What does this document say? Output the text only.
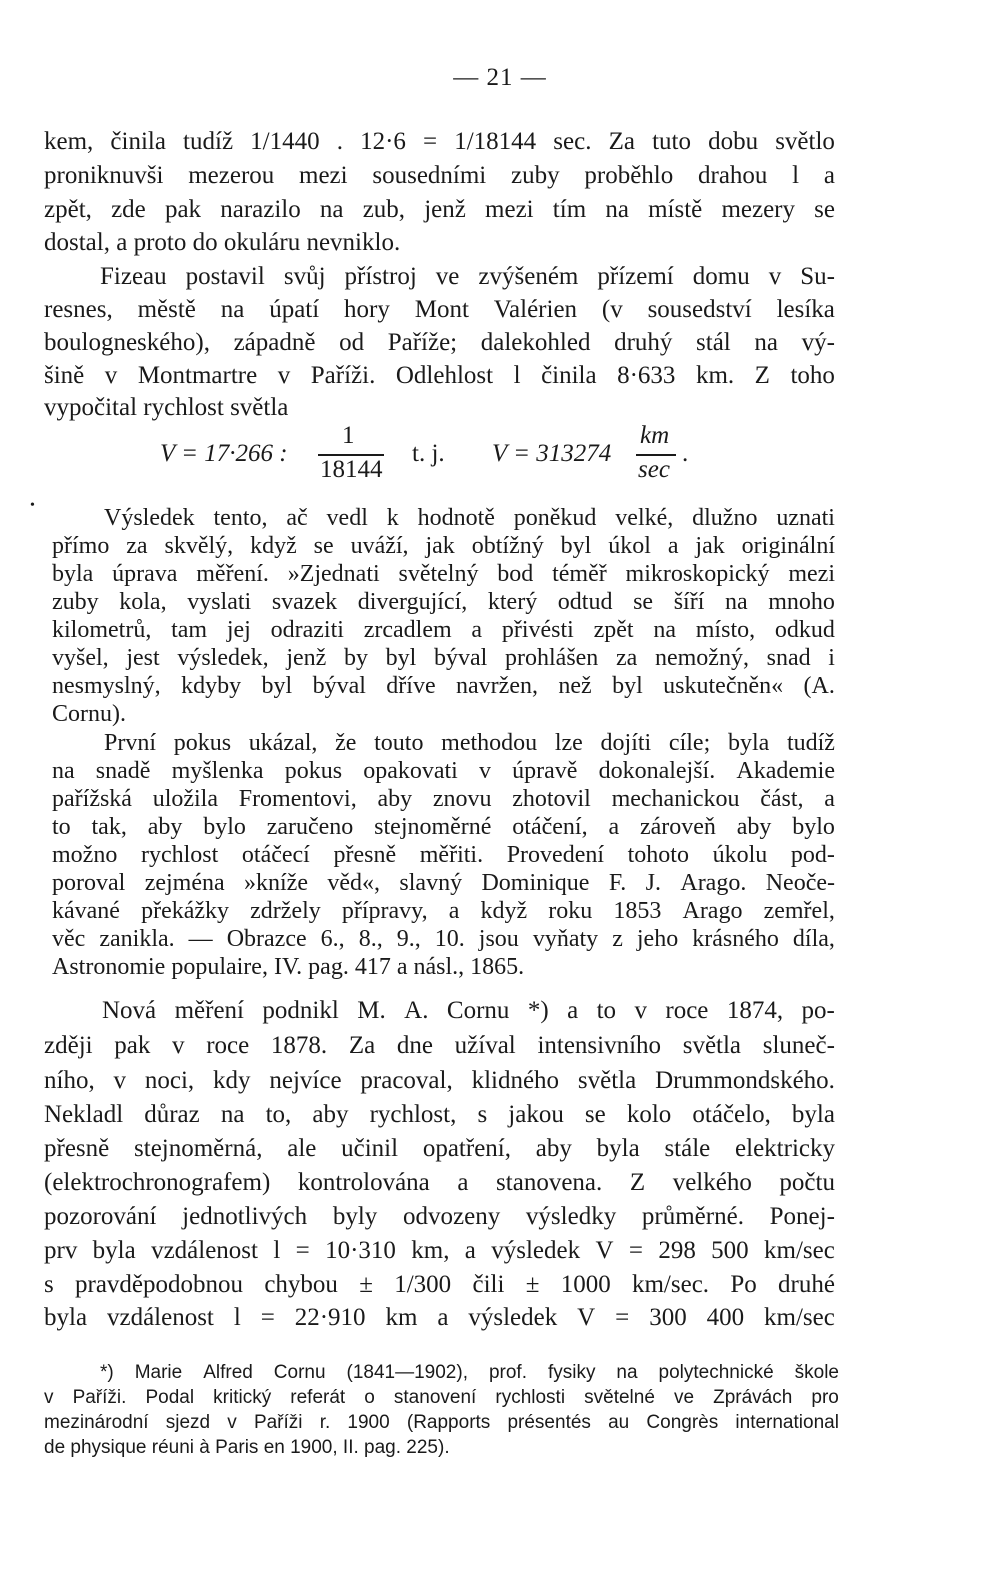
— 21 —
kem, činila tudíž 1/1440 . 12·6 = 1/18144 sec. Za tuto dobu světlo
proniknuvši mezerou mezi sousedními zuby proběhlo drahou l a
zpět, zde pak narazilo na zub, jenž mezi tím na místě mezery se
dostal, a proto do okuláru nevniklo.
Fizeau postavil svůj přístroj ve zvýšeném přízemí domu v Su-
resnes, městě na úpatí hory Mont Valérien (v sousedství lesíka
boulogneského), západně od Paříže; dalekohled druhý stál na vý-
šině v Montmartre v Paříži. Odlehlost l činila 8·633 km. Z toho
vypočital rychlost světla
V = 17·266 :
1
18144
t. j. V = 313274
km
sec
.
•	Výsledek tento, ač vedl k hodnotě poněkud velké, dlužno uznati
přímo za skvělý, když se uváží, jak obtížný byl úkol a jak originální
byla úprava měření. »Zjednati světelný bod téměř mikroskopický mezi
zuby kola, vyslati svazek divergující, který odtud se šíří na mnoho
kilometrů, tam jej odraziti zrcadlem a přivésti zpět na místo, odkud
vyšel, jest výsledek, jenž by byl býval prohlášen za nemožný, snad i
nesmyslný, kdyby byl býval dříve navržen, než byl uskutečněn« (A.
Cornu).
První pokus ukázal, že touto methodou lze dojíti cíle; byla tudíž
na snadě myšlenka pokus opakovati v úpravě dokonalejší. Akademie
pařížská uložila Fromentovi, aby znovu zhotovil mechanickou část, a
to tak, aby bylo zaručeno stejnoměrné otáčení, a zároveň aby bylo
možno rychlost otáčecí přesně měřiti. Provedení tohoto úkolu pod-
poroval zejména »kníže věd«, slavný Dominique F. J. Arago. Neoče-
kávané překážky zdržely přípravy, a když roku 1853 Arago zemřel,
věc zanikla. — Obrazce 6., 8., 9., 10. jsou vyňaty z jeho krásného díla,
Astronomie populaire, IV. pag. 417 a násl., 1865.
Nová měření podnikl M. A. Cornu *) a to v roce 1874, po-
zději pak v roce 1878. Za dne užíval intensivního světla sluneč-
ního, v noci, kdy nejvíce pracoval, klidného světla Drummondského.
Nekladl důraz na to, aby rychlost, s jakou se kolo otáčelo, byla
přesně stejnoměrná, ale učinil opatření, aby byla stále elektricky
(elektrochronografem) kontrolována a stanovena. Z velkého počtu
pozorování jednotlivých byly odvozeny výsledky průměrné. Ponej-
prv byla vzdálenost l = 10·310 km, a výsledek V = 298 500 km/sec
s pravděpodobnou chybou ± 1/300 čili ± 1000 km/sec. Po druhé
byla vzdálenost l = 22·910 km a výsledek V = 300 400 km/sec
*) Marie Alfred Cornu (1841—1902), prof. fysiky na polytechnické škole
v Paříži. Podal kritický referát o stanovení rychlosti světelné ve Zprávách pro
mezinárodní sjezd v Paříži r. 1900 (Rapports présentés au Congrès international
de physique réuni à Paris en 1900, II. pag. 225).
